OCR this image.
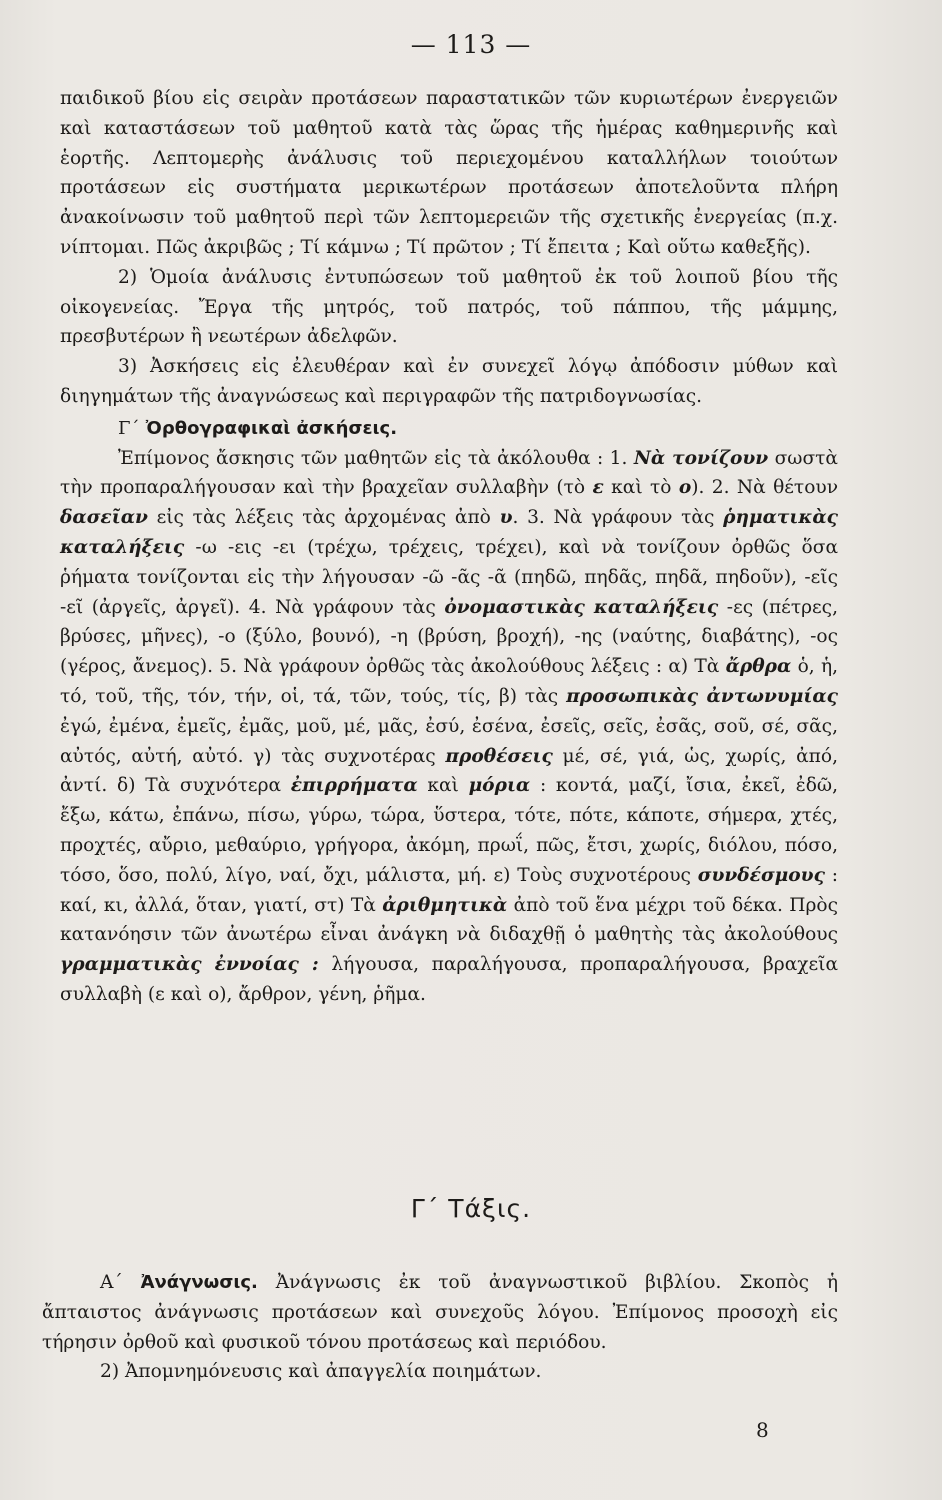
— 113 —

παιδικοῦ βίου εἰς σειρὰν προτάσεων παραστατικῶν τῶν κυριωτέρων ἐνεργειῶν καὶ καταστάσεων τοῦ μαθητοῦ κατὰ τὰς ὥρας τῆς ἡμέρας καθημερινῆς καὶ ἑορτῆς. Λεπτομερὴς ἀνάλυσις τοῦ περιεχομένου καταλλήλων τοιούτων προτάσεων εἰς συστήματα μερικωτέρων προτάσεων ἀποτελοῦντα πλήρη ἀνακοίνωσιν τοῦ μαθητοῦ περὶ τῶν λεπτομερειῶν τῆς σχετικῆς ἐνεργείας (π.χ. νίπτομαι. Πῶς ἀκριβῶς ; Τί κάμνω ; Τί πρῶτον ; Τί ἔπειτα ; Καὶ οὕτω καθεξῆς).

2) Ὁμοία ἀνάλυσις ἐντυπώσεων τοῦ μαθητοῦ ἐκ τοῦ λοιποῦ βίου τῆς οἰκογενείας. Ἔργα τῆς μητρός, τοῦ πατρός, τοῦ πάππου, τῆς μάμμης, πρεσβυτέρων ἢ νεωτέρων ἀδελφῶν.

3) Ἀσκήσεις εἰς ἐλευθέραν καὶ ἐν συνεχεῖ λόγῳ ἀπόδοσιν μύθων καὶ διηγημάτων τῆς ἀναγνώσεως καὶ περιγραφῶν τῆς πατριδογνωσίας.

Γ΄ Ὀρθογραφικαὶ ἀσκήσεις.

Ἐπίμονος ἄσκησις τῶν μαθητῶν εἰς τὰ ἀκόλουθα : 1. Νὰ τονίζουν σωστὰ τὴν προπαραλήγουσαν καὶ τὴν βραχεῖαν συλλαβὴν (τὸ ε καὶ τὸ ο). 2. Νὰ θέτουν δασεῖαν εἰς τὰς λέξεις τὰς ἀρχομένας ἀπὸ υ. 3. Νὰ γράφουν τὰς ῥηματικὰς καταλήξεις -ω -εις -ει (τρέχω, τρέχεις, τρέχει), καὶ νὰ τονίζουν ὀρθῶς ὅσα ῥήματα τονίζονται εἰς τὴν λήγουσαν -ῶ -ᾶς -ᾶ (πηδῶ, πηδᾶς, πηδᾶ, πηδοῦν), -εῖς -εῖ (ἀργεῖς, ἀργεῖ). 4. Νὰ γράφουν τὰς ὀνομαστικὰς καταλήξεις -ες (πέτρες, βρύσες, μῆνες), -ο (ξύλο, βουνό), -η (βρύση, βροχή), -ης (ναύτης, διαβάτης), -ος (γέρος, ἄνεμος). 5. Νὰ γράφουν ὀρθῶς τὰς ἀκολούθους λέξεις : α) Τὰ ἄρθρα ὁ, ἡ, τό, τοῦ, τῆς, τόν, τήν, οἱ, τά, τῶν, τούς, τίς, β) τὰς προσωπικὰς ἀντωνυμίας ἐγώ, ἐμένα, ἐμεῖς, ἐμᾶς, μοῦ, μέ, μᾶς, ἐσύ, ἐσένα, ἐσεῖς, σεῖς, ἐσᾶς, σοῦ, σέ, σᾶς, αὐτός, αὐτή, αὐτό. γ) τὰς συχνοτέρας προθέσεις μέ, σέ, γιά, ὡς, χωρίς, ἀπό, ἀντί. δ) Τὰ συχνότερα ἐπιρρήματα καὶ μόρια : κοντά, μαζί, ἴσια, ἐκεῖ, ἐδῶ, ἔξω, κάτω, ἐπάνω, πίσω, γύρω, τώρα, ὕστερα, τότε, πότε, κάποτε, σήμερα, χτές, προχτές, αὔριο, μεθαύριο, γρήγορα, ἀκόμη, πρωΐ, πῶς, ἔτσι, χωρίς, διόλου, πόσο, τόσο, ὅσο, πολύ, λίγο, ναί, ὄχι, μάλιστα, μή. ε) Τοὺς συχνοτέρους συνδέσμους : καί, κι, ἀλλά, ὅταν, γιατί, στ) Τὰ ἀριθμητικὰ ἀπὸ τοῦ ἕνα μέχρι τοῦ δέκα. Πρὸς κατανόησιν τῶν ἀνωτέρω εἶναι ἀνάγκη νὰ διδαχθῇ ὁ μαθητὴς τὰς ἀκολούθους γραμματικὰς ἐννοίας : λήγουσα, παραλήγουσα, προπαραλήγουσα, βραχεῖα συλλαβὴ (ε καὶ ο), ἄρθρον, γένη, ῥῆμα.

Γ΄ Τάξις.

Α΄ Ἀνάγνωσις. Ἀνάγνωσις ἐκ τοῦ ἀναγνωστικοῦ βιβλίου. Σκοπὸς ἡ ἄπταιστος ἀνάγνωσις προτάσεων καὶ συνεχοῦς λόγου. Ἐπίμονος προσοχὴ εἰς τήρησιν ὀρθοῦ καὶ φυσικοῦ τόνου προτάσεως καὶ περιόδου.

2) Ἀπομνημόνευσις καὶ ἀπαγγελία ποιημάτων.

8
